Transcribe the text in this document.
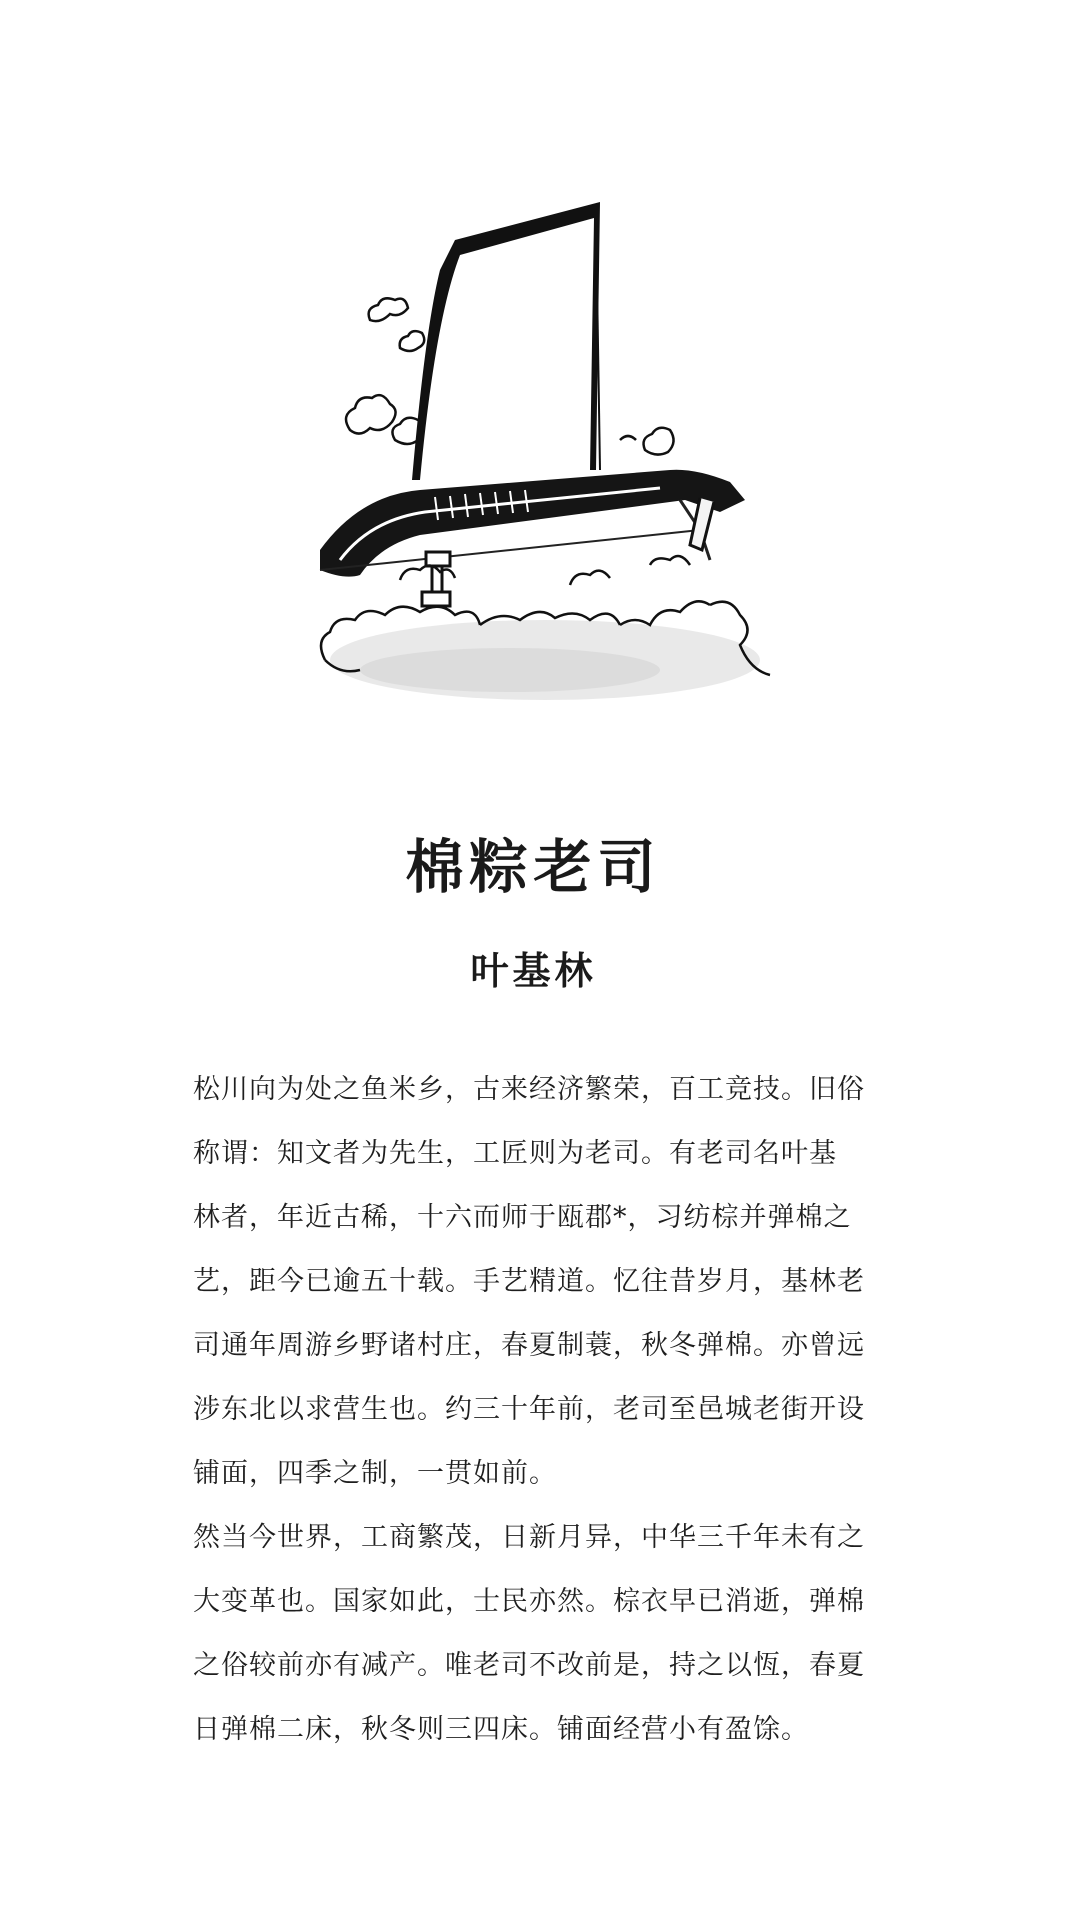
棉粽老司
叶基林
松川向为处之鱼米乡，古来经济繁荣，百工竞技。旧俗
称谓：知文者为先生，工匠则为老司。有老司名叶基
林者，年近古稀，十六而师于瓯郡*，习纺棕并弹棉之
艺，距今已逾五十载。手艺精道。忆往昔岁月，基林老
司通年周游乡野诸村庄，春夏制蓑，秋冬弹棉。亦曾远
涉东北以求营生也。约三十年前，老司至邑城老街开设
铺面，四季之制，一贯如前。
然当今世界，工商繁茂，日新月异，中华三千年未有之
大变革也。国家如此，士民亦然。棕衣早已消逝，弹棉
之俗较前亦有减产。唯老司不改前是，持之以恆，春夏
日弹棉二床，秋冬则三四床。铺面经营小有盈馀。
